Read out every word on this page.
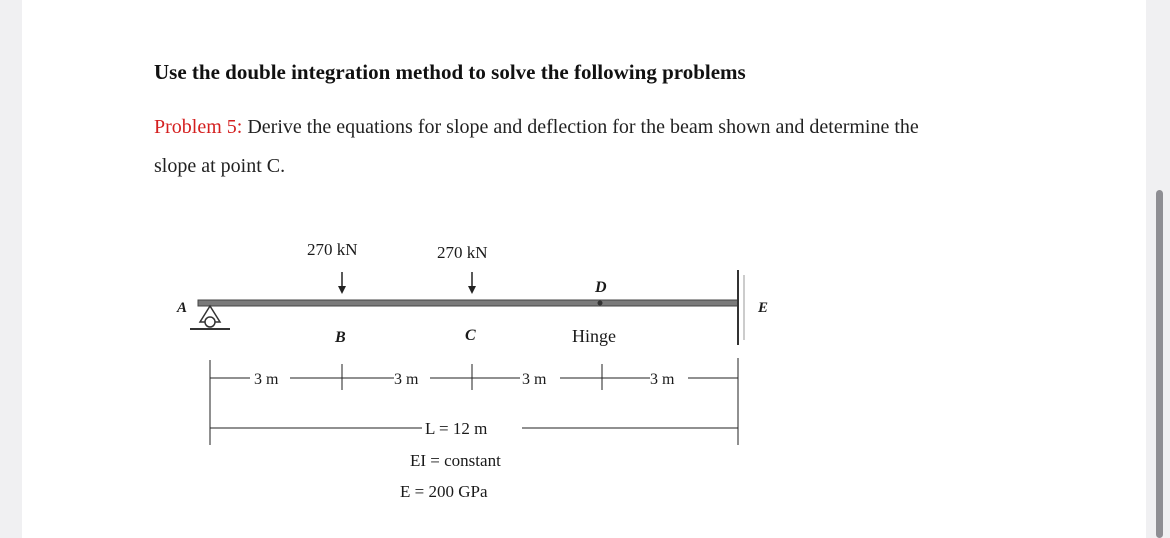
Use the double integration method to solve the following problems
Problem 5: Derive the equations for slope and deflection for the beam shown and determine the
slope at point C.
270 kN	270 kN
A
B	C
D
E
Hinge
3 m	3 m	3 m	3 m
L = 12 m
EI = constant
E = 200 GPa
